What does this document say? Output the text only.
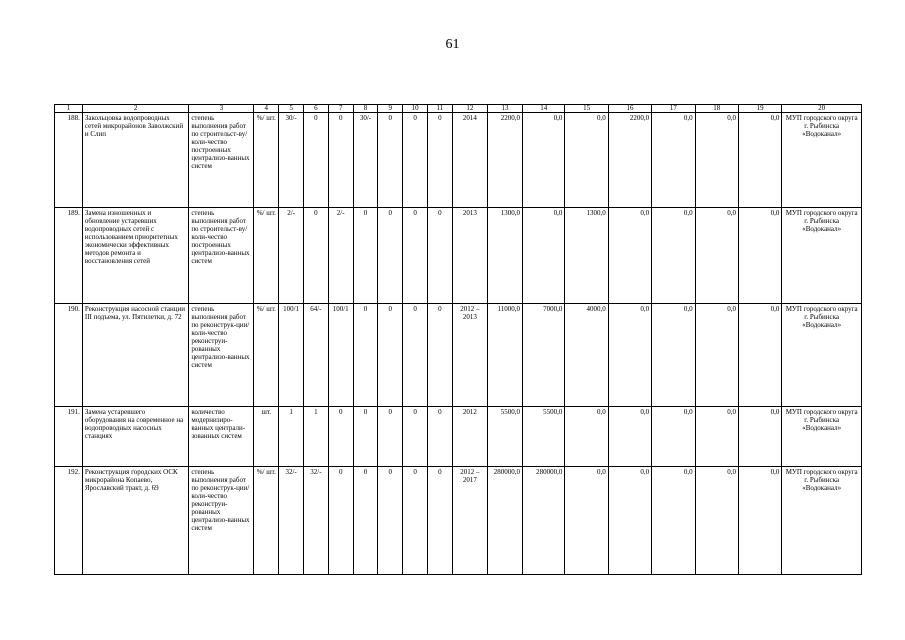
61
1	2	3	4	5	6	7	8	9	10	11	12	13	14	15	16	17	18	19	20
188.	Закольцовка водопроводных сетей микрорайонов Заволжский и Слип	степень выполнения работ по строительст-ву/ коли-чество построенных централизо-ванных систем	%/ шт.	30/-	0	0	30/-	0	0	0	2014	2200,0	0,0	0,0	2200,0	0,0	0,0	0,0	МУП городского округа г. Рыбинска «Водоканал»
189.	Замена изношенных и обновление устаревших водопроводных сетей с использованием приоритетных экономически эффективных методов ремонта и восстановления сетей	степень выполнения работ по строительст-ву/ коли-чество построенных централизо-ванных систем	%/ шт.	2/-	0	2/-	0	0	0	0	2013	1300,0	0,0	1300,0	0,0	0,0	0,0	0,0	МУП городского округа г. Рыбинска «Водоканал»
190.	Реконструкция насосной станции III подъема, ул. Пятилетки, д. 72	степень выполнения работ по реконструк-ции/ коли-чество реконструи-рованных централизо-ванных систем	%/ шт.	100/1	64/-	100/1	0	0	0	0	2012 – 2013	11000,0	7000,0	4000,0	0,0	0,0	0,0	0,0	МУП городского округа г. Рыбинска «Водоканал»
191.	Замена устаревшего оборудования на современное на водопроводных насосных станциях	количество модернизиро-ванных централи-зованных систем	шт.	1	1	0	0	0	0	0	2012	5500,0	5500,0	0,0	0,0	0,0	0,0	0,0	МУП городского округа г. Рыбинска «Водоканал»
192.	Реконструкция городских ОСК микрорайона Копаево, Ярославский тракт, д. 69	степень выполнения работ по реконструк-ции/ коли-чество реконструи-рованных централизо-ванных систем	%/ шт.	32/-	32/-	0	0	0	0	0	2012 – 2017	280000,0	280000,0	0,0	0,0	0,0	0,0	0,0	МУП городского округа г. Рыбинска «Водоканал»
